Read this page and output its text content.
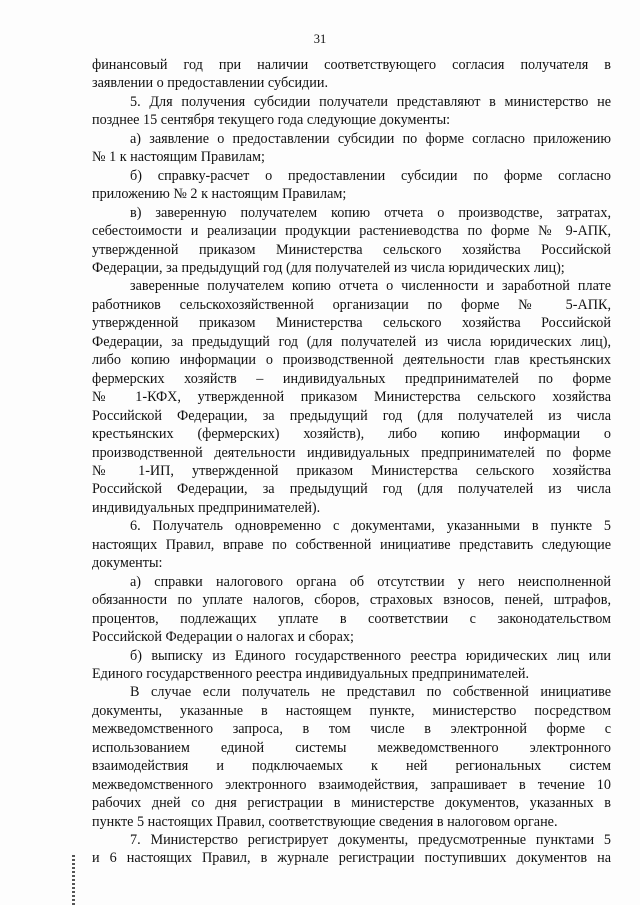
31
финансовый год при наличии соответствующего согласия получателя в
заявлении о предоставлении субсидии.
5. Для получения субсидии получатели представляют в министерство не
позднее 15 сентября текущего года следующие документы:
а) заявление о предоставлении субсидии по форме согласно приложению
№ 1 к настоящим Правилам;
б) справку-расчет о предоставлении субсидии по форме согласно
приложению № 2 к настоящим Правилам;
в) заверенную получателем копию отчета о производстве, затратах,
себестоимости и реализации продукции растениеводства по форме № 9-АПК,
утвержденной приказом Министерства сельского хозяйства Российской
Федерации, за предыдущий год (для получателей из числа юридических лиц);
заверенные получателем копию отчета о численности и заработной плате
работников сельскохозяйственной организации по форме № 5-АПК,
утвержденной приказом Министерства сельского хозяйства Российской
Федерации, за предыдущий год (для получателей из числа юридических лиц),
либо копию информации о производственной деятельности глав крестьянских
фермерских хозяйств – индивидуальных предпринимателей по форме
№ 1-КФХ, утвержденной приказом Министерства сельского хозяйства
Российской Федерации, за предыдущий год (для получателей из числа
крестьянских (фермерских) хозяйств), либо копию информации о
производственной деятельности индивидуальных предпринимателей по форме
№ 1-ИП, утвержденной приказом Министерства сельского хозяйства
Российской Федерации, за предыдущий год (для получателей из числа
индивидуальных предпринимателей).
6. Получатель одновременно с документами, указанными в пункте 5
настоящих Правил, вправе по собственной инициативе представить следующие
документы:
а) справки налогового органа об отсутствии у него неисполненной
обязанности по уплате налогов, сборов, страховых взносов, пеней, штрафов,
процентов, подлежащих уплате в соответствии с законодательством
Российской Федерации о налогах и сборах;
б) выписку из Единого государственного реестра юридических лиц или
Единого государственного реестра индивидуальных предпринимателей.
В случае если получатель не представил по собственной инициативе
документы, указанные в настоящем пункте, министерство посредством
межведомственного запроса, в том числе в электронной форме с
использованием единой системы межведомственного электронного
взаимодействия и подключаемых к ней региональных систем
межведомственного электронного взаимодействия, запрашивает в течение 10
рабочих дней со дня регистрации в министерстве документов, указанных в
пункте 5 настоящих Правил, соответствующие сведения в налоговом органе.
7. Министерство регистрирует документы, предусмотренные пунктами 5
и 6 настоящих Правил, в журнале регистрации поступивших документов на
